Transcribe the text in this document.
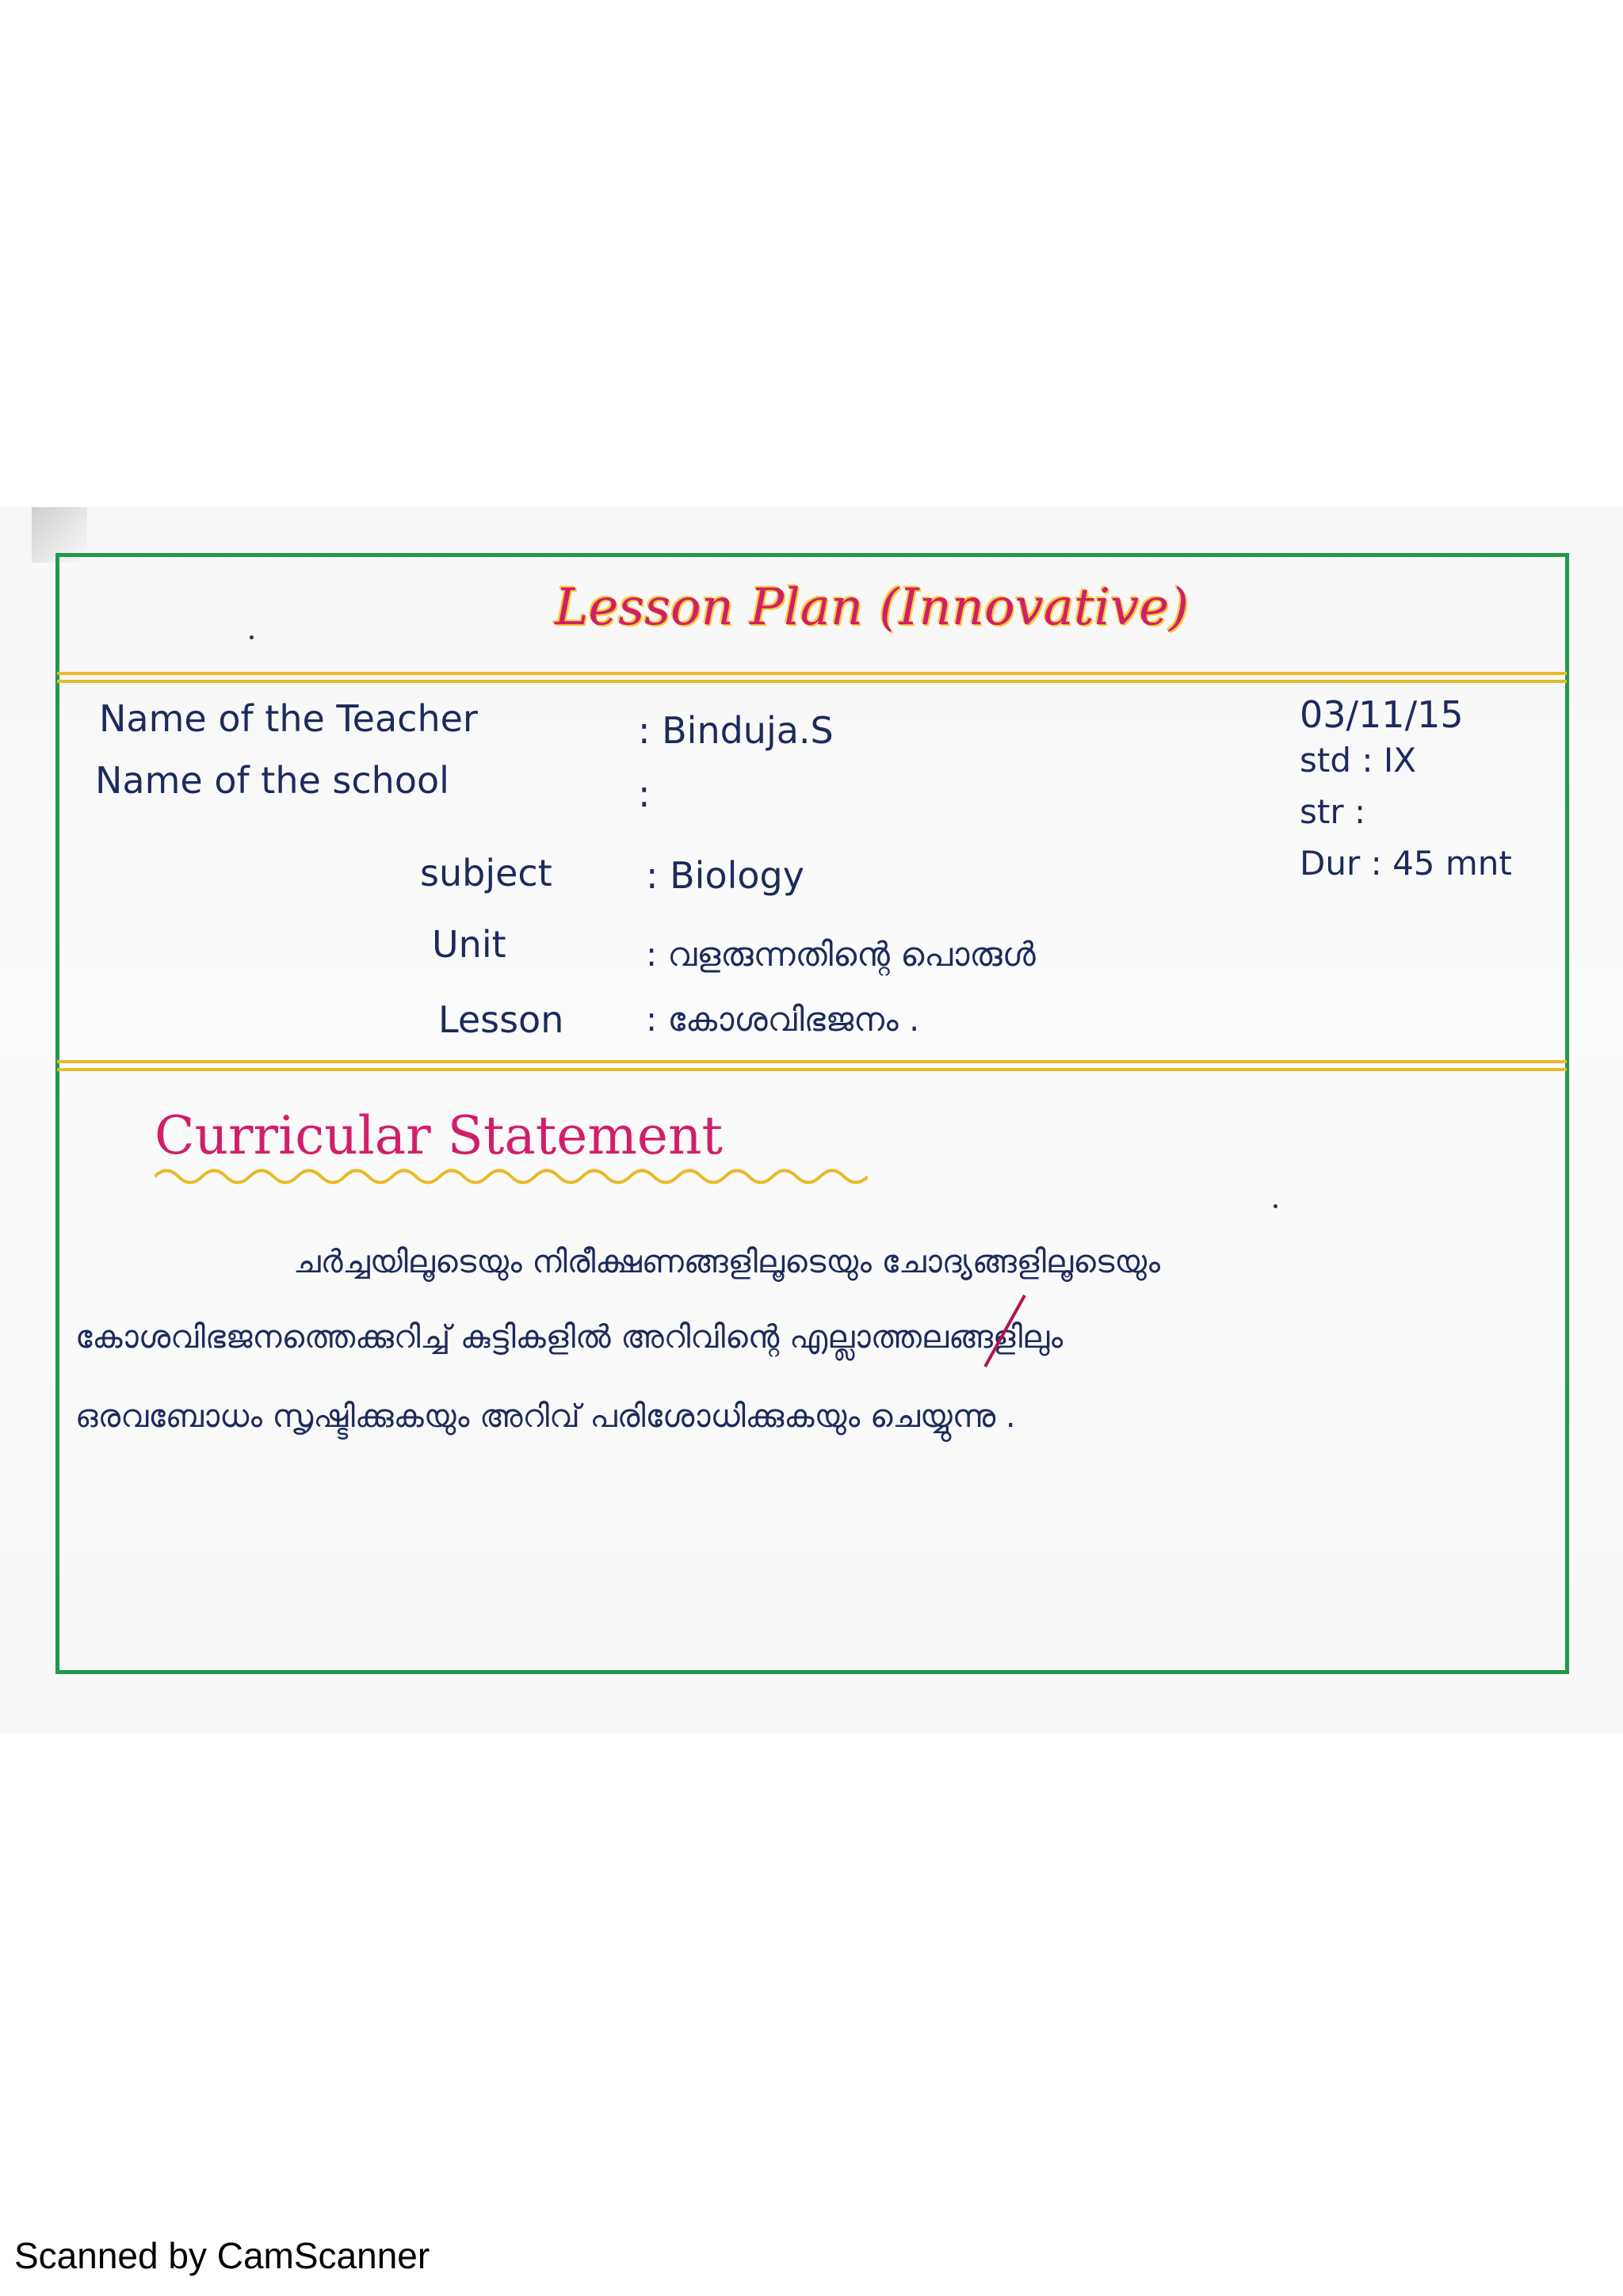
Lesson Plan (Innovative)
Name of the Teacher	: Binduja.S
Name of the school	:
subject	: Biology
Unit	: വളരുന്നതിന്റെ പൊരുൾ
Lesson : കോശവിഭജനം .
03/11/15
std : IX
str :
Dur : 45 mnt
Curricular Statement
ചർച്ചയിലൂടെയും നിരീക്ഷണങ്ങളിലൂടെയും ചോദ്യങ്ങളിലൂടെയും
കോശവിഭജനത്തെക്കുറിച്ച് കുട്ടികളിൽ അറിവിന്റെ എല്ലാത്തലങ്ങളിലും
ഒരവബോധം സൃഷ്ടിക്കുകയും അറിവ് പരിശോധിക്കുകയും ചെയ്യുന്നു .
Scanned by CamScanner
